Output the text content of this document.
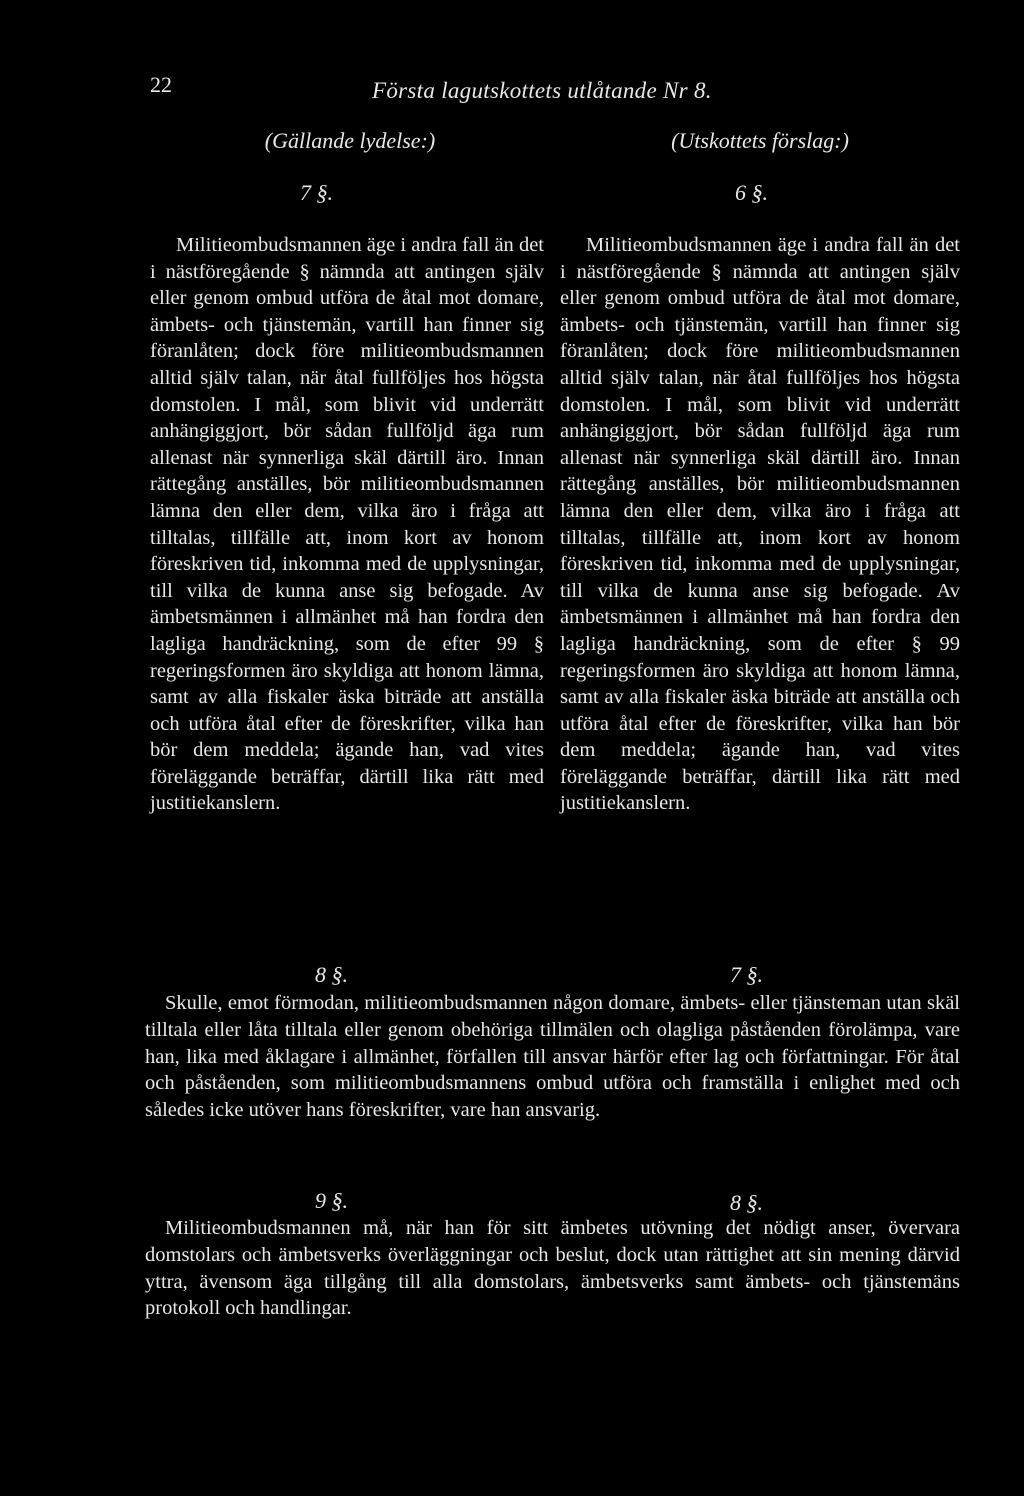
22	Första lagutskottets utlåtande Nr 8.
(Gällande lydelse:)	(Utskottets förslag:)
7 §.	6 §.

Militieombudsmannen äge i andra fall än det i nästföregående § nämnda att antingen själv eller genom ombud utföra de åtal mot domare, ämbets- och tjänstemän, vartill han finner sig föranlåten; dock före militieombudsmannen alltid själv talan, när åtal fullföljes hos högsta domstolen. I mål, som blivit vid underrätt anhängiggjort, bör sådan fullföljd äga rum allenast när synnerliga skäl därtill äro. Innan rättegång anställes, bör militieombudsmannen lämna den eller dem, vilka äro i fråga att tilltalas, tillfälle att, inom kort av honom föreskriven tid, inkomma med de upplysningar, till vilka de kunna anse sig befogade. Av ämbetsmännen i allmänhet må han fordra den lagliga handräckning, som de efter 99 § regeringsformen äro skyldiga att honom lämna, samt av alla fiskaler äska biträde att anställa och utföra åtal efter de föreskrifter, vilka han bör dem meddela; ägande han, vad vites föreläggande beträffar, därtill lika rätt med justitiekanslern.

Militieombudsmannen äge i andra fall än det i nästföregående § nämnda att antingen själv eller genom ombud utföra de åtal mot domare, ämbets- och tjänstemän, vartill han finner sig föranlåten; dock före militieombudsmannen alltid själv talan, när åtal fullföljes hos högsta domstolen. I mål, som blivit vid underrätt anhängiggjort, bör sådan fullföljd äga rum allenast när synnerliga skäl därtill äro. Innan rättegång anställes, bör militieombudsmannen lämna den eller dem, vilka äro i fråga att tilltalas, tillfälle att, inom kort av honom föreskriven tid, inkomma med de upplysningar, till vilka de kunna anse sig befogade. Av ämbetsmännen i allmänhet må han fordra den lagliga handräckning, som de efter § 99 regeringsformen äro skyldiga att honom lämna, samt av alla fiskaler äska biträde att anställa och utföra åtal efter de föreskrifter, vilka han bör dem meddela; ägande han, vad vites föreläggande beträffar, därtill lika rätt med justitiekanslern.

8 §.	7 §.

Skulle, emot förmodan, militieombudsmannen någon domare, ämbets- eller tjänsteman utan skäl tilltala eller låta tilltala eller genom obehöriga tillmälen och olagliga påståenden förolämpa, vare han, lika med åklagare i allmänhet, förfallen till ansvar härför efter lag och författningar. För åtal och påståenden, som militieombudsmannens ombud utföra och framställa i enlighet med och således icke utöver hans föreskrifter, vare han ansvarig.

9 §.	8 §.

Militieombudsmannen må, när han för sitt ämbetes utövning det nödigt anser, övervara domstolars och ämbetsverks överläggningar och beslut, dock utan rättighet att sin mening därvid yttra, ävensom äga tillgång till alla domstolars, ämbetsverks samt ämbets- och tjänstemäns protokoll och handlingar.
